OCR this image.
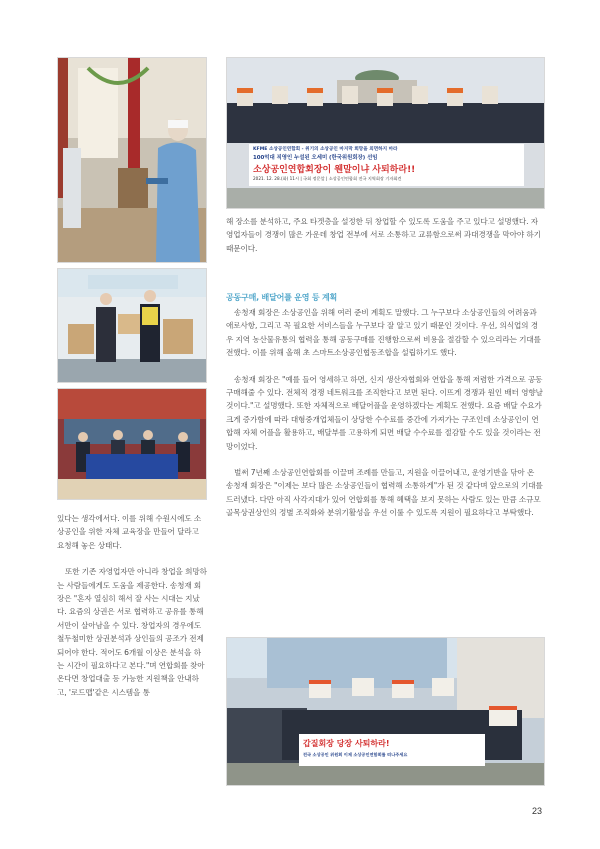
KFME 소상공인연합회 - 위기의 소상공인 마지막 희망을 외면하지 마라
100억대 직영인 누설된 오세미 (한국위원회장) 선임
소상공인연합회장이 웬말이냐 사퇴하라!!
2021. 12. 28.(화) 11시 | 국회 정문앞 | 소상공인연합회 전국 지역회장 기자회견
갑질회장 당장 사퇴하라!
전국 소상공인 위원회 이제 소상공인연합회를 떠나주세요

있다는 생각에서다. 이를 위해 수원시에도 소상공인을 위한 자체 교육장을 만들어 달라고 요청해 놓은 상태다.

또한 기존 자영업자만 아니라 창업을 희망하는 사람들에게도 도움을 제공한다. 송청재 회장은 "혼자 열심히 해서 잘 사는 시대는 지났다. 요즘의 상권은 서로 협력하고 공유를 통해서만이 살아남을 수 있다. 창업자의 경우에도 철두철미한 상권분석과 상인들의 공조가 전제 되어야 한다. 적어도 6개월 이상은 분석을 하는 시간이 필요하다고 본다."며 연합회를 찾아온다면 창업대출 등 가능한 지원책을 안내하고, '로드맵'같은 시스템을 통

해 장소를 분석하고, 주요 타겟층을 설정한 뒤 창업할 수 있도록 도움을 주고 있다고 설명했다. 자영업자들이 경쟁이 많은 가운데 창업 전부에 서로 소통하고 교류함으로써 과대경쟁을 막아야 하기 때문이다.

공동구매, 배달어플 운영 등 계획

송청재 회장은 소상공인을 위해 여러 준비 계획도 말했다. 그 누구보다 소상공인들의 어려움과 애로사항, 그리고 꼭 필요한 서비스들을 누구보다 잘 알고 있기 때문인 것이다. 우선, 의식업의 경우 지역 농산물유통의 협력을 통해 공동구매를 진행함으로써 비용을 절감할 수 있으리라는 기대를 전했다. 이를 위해 올해 초 스마트소상공인협동조합을 설립하기도 했다.

송청재 회장은 "예를 들어 영세하고 하면, 신지 생산자협회와 연합을 통해 저렴한 가격으로 공동구매해줄 수 있다. 전체적 경쟁 네트워크를 조직한다고 보면 된다. 이뜨게 경쟁과 원인 배터 영향날 것이다."고 설명했다. 또한 자체적으로 배달어플을 운영하겠다는 계획도 전했다. 요즘 배달 수요가 크게 증가함에 따라 대형중개업체들이 상당한 수수료를 중간에 가져가는 구조인데 소상공인이 연합해 자체 어플을 활용하고, 배달부를 고용하게 되면 배달 수수료를 절감할 수도 있을 것이라는 전망이었다.

벌써 7년째 소상공인연합회를 이끌며 조례를 만들고, 지원을 이끌어내고, 운영기반을 닦아 온 송청재 회장은 "이제는 보다 많은 소상공인들이 협력해 소통하게"가 된 것 같다며 앞으로의 기대를 드러냈다. 다만 아직 사각지대가 있어 연합회를 통해 혜택을 보지 못하는 사람도 있는 만큼 소규모 골목상권상인의 정별 조직화와 분위기활성을 우선 이룰 수 있도록 지원이 필요하다고 부탁했다.

23
